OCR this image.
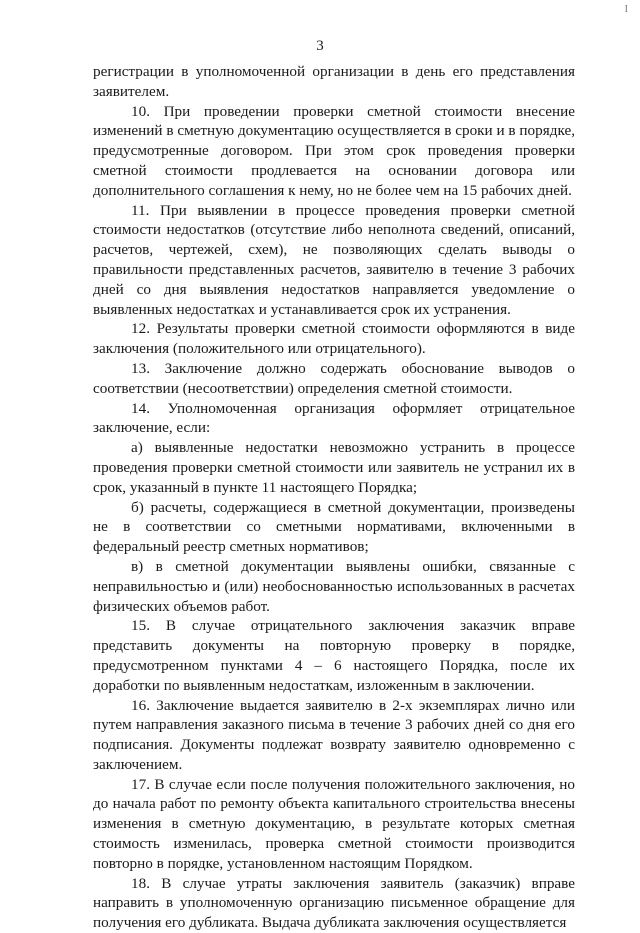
I
3

регистрации в уполномоченной организации в день его представления заявителем.

10. При проведении проверки сметной стоимости внесение изменений в сметную документацию осуществляется в сроки и в порядке, предусмотренные договором. При этом срок проведения проверки сметной стоимости продлевается на основании договора или дополнительного соглашения к нему, но не более чем на 15 рабочих дней.

11. При выявлении в процессе проведения проверки сметной стоимости недостатков (отсутствие либо неполнота сведений, описаний, расчетов, чертежей, схем), не позволяющих сделать выводы о правильности представленных расчетов, заявителю в течение 3 рабочих дней со дня выявления недостатков направляется уведомление о выявленных недостатках и устанавливается срок их устранения.

12. Результаты проверки сметной стоимости оформляются в виде заключения (положительного или отрицательного).

13. Заключение должно содержать обоснование выводов о соответствии (несоответствии) определения сметной стоимости.

14. Уполномоченная организация оформляет отрицательное заключение, если:

а) выявленные недостатки невозможно устранить в процессе проведения проверки сметной стоимости или заявитель не устранил их в срок, указанный в пункте 11 настоящего Порядка;

б) расчеты, содержащиеся в сметной документации, произведены не в соответствии со сметными нормативами, включенными в федеральный реестр сметных нормативов;

в) в сметной документации выявлены ошибки, связанные с неправильностью и (или) необоснованностью использованных в расчетах физических объемов работ.

15. В случае отрицательного заключения заказчик вправе представить документы на повторную проверку в порядке, предусмотренном пунктами 4 – 6 настоящего Порядка, после их доработки по выявленным недостаткам, изложенным в заключении.

16. Заключение выдается заявителю в 2-х экземплярах лично или путем направления заказного письма в течение 3 рабочих дней со дня его подписания. Документы подлежат возврату заявителю одновременно с заключением.

17. В случае если после получения положительного заключения, но до начала работ по ремонту объекта капитального строительства внесены изменения в сметную документацию, в результате которых сметная стоимость изменилась, проверка сметной стоимости производится повторно в порядке, установленном настоящим Порядком.

18. В случае утраты заключения заявитель (заказчик) вправе направить в уполномоченную организацию письменное обращение для получения его дубликата. Выдача дубликата заключения осуществляется
